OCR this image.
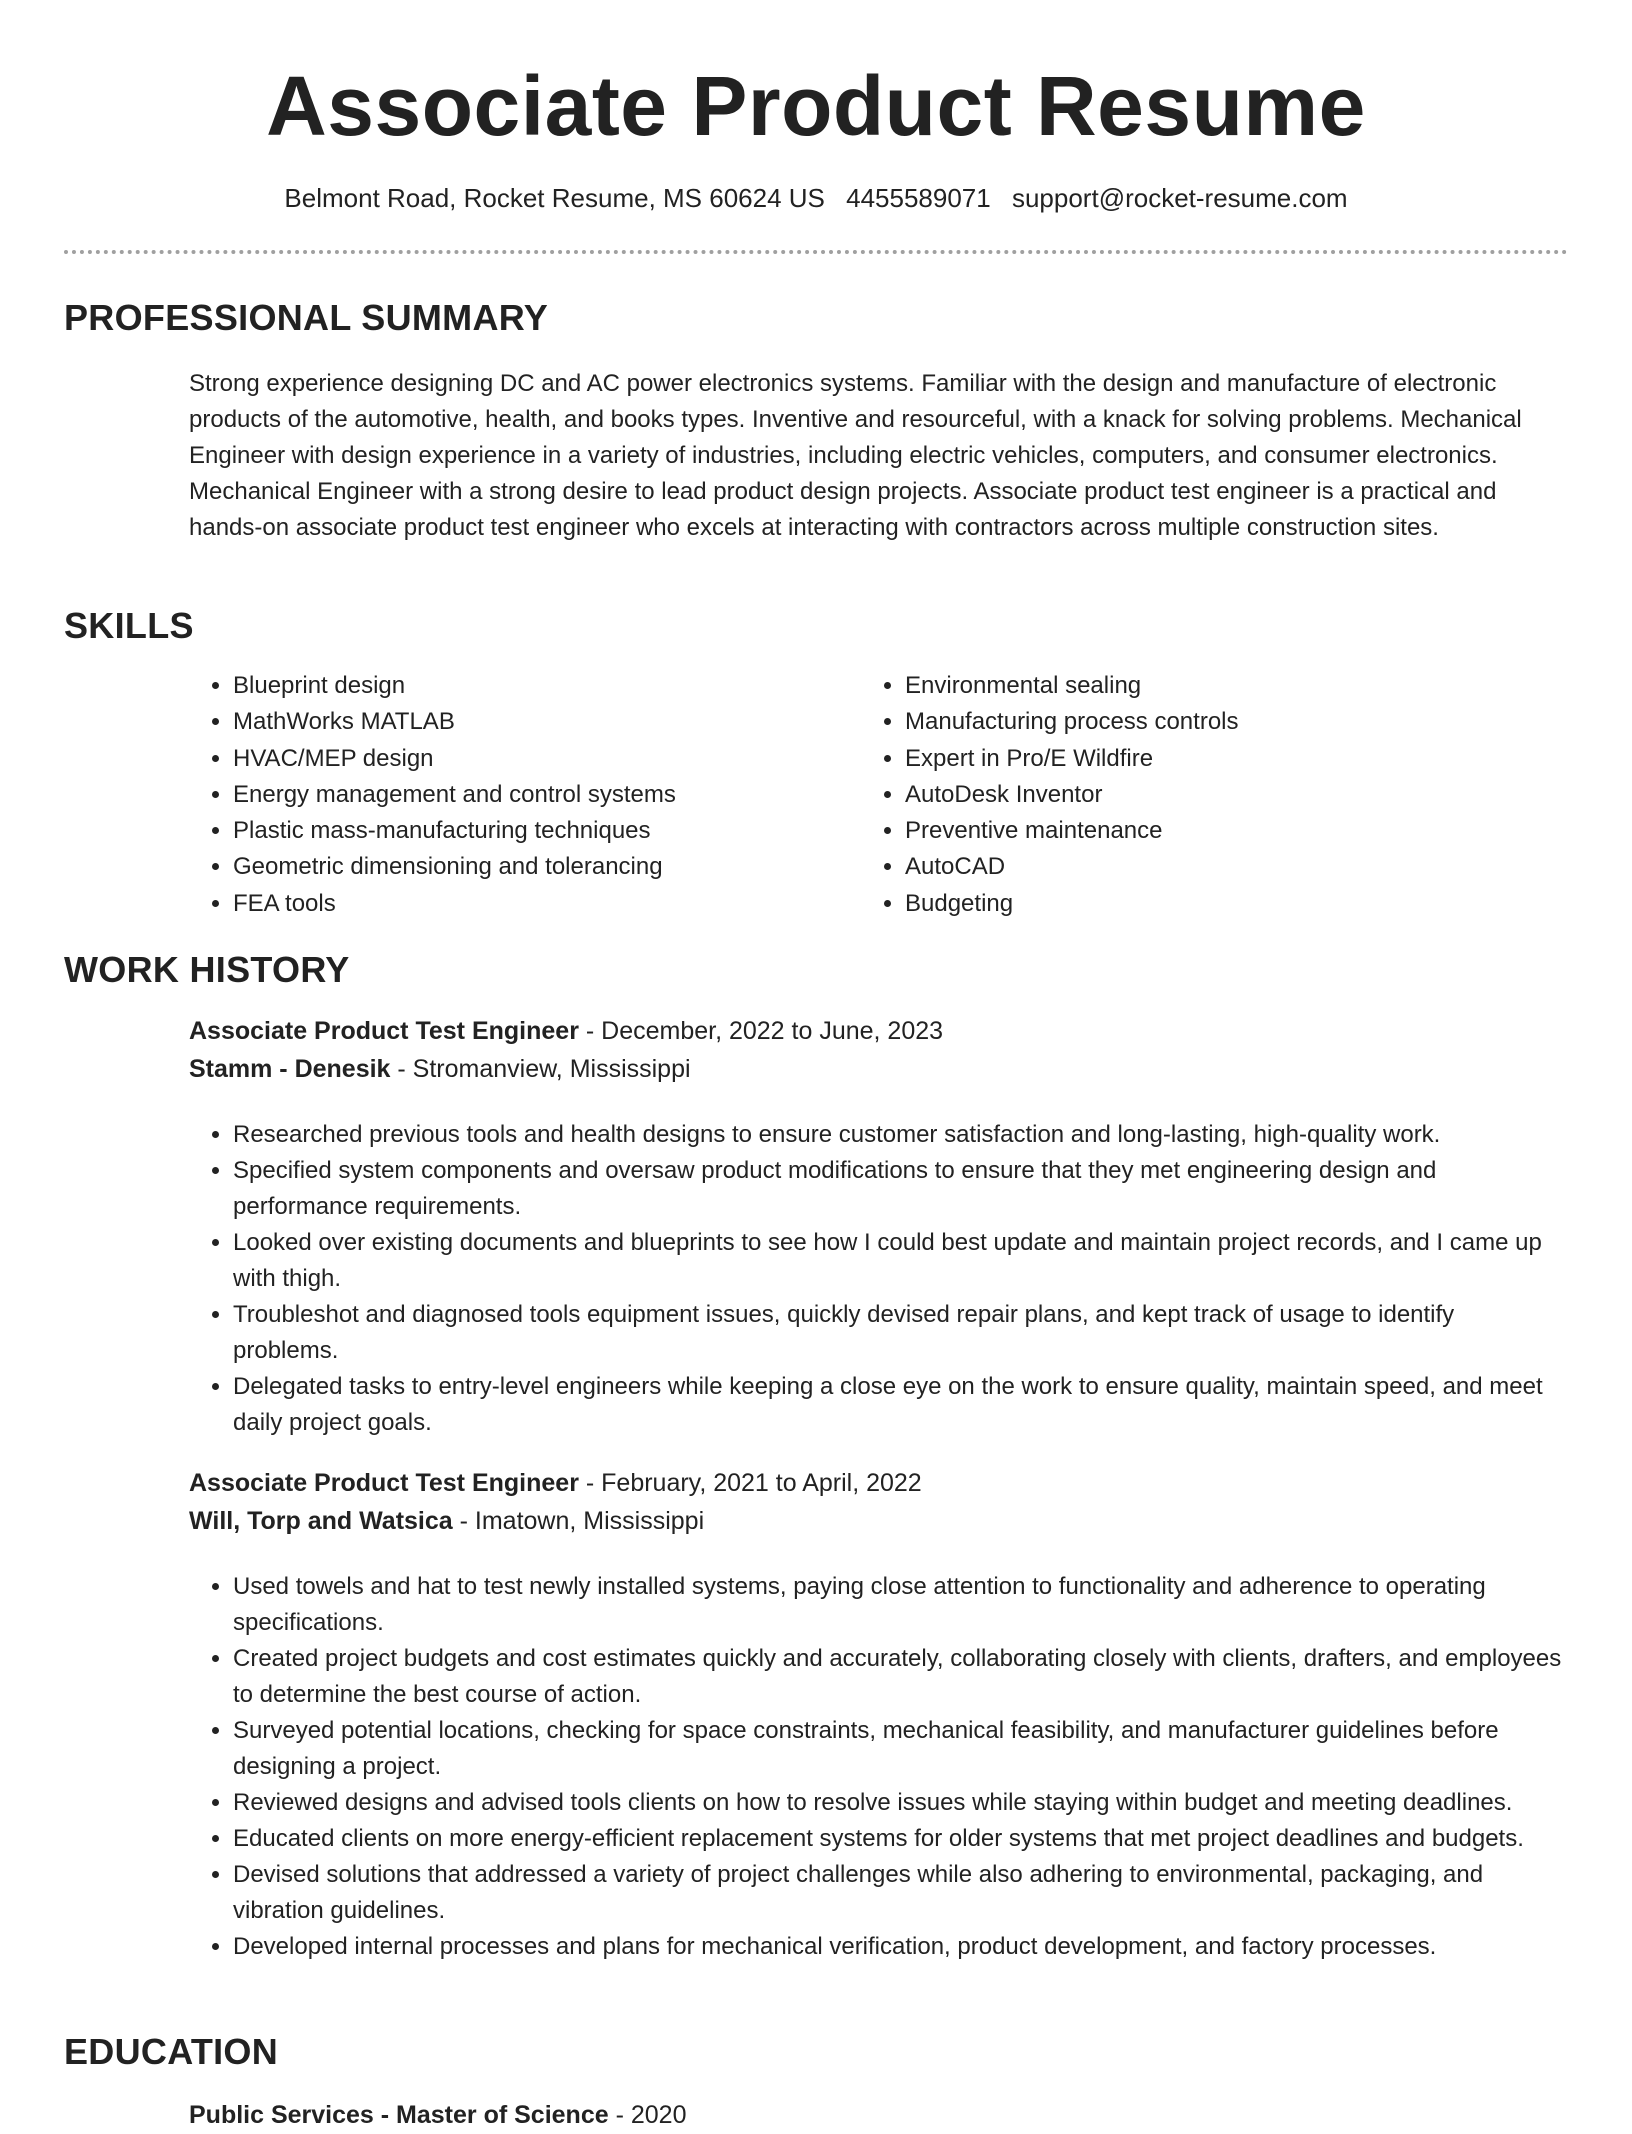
Associate Product Resume
Belmont Road, Rocket Resume, MS 60624 US 4455589071 support@rocket-resume.com
PROFESSIONAL SUMMARY
Strong experience designing DC and AC power electronics systems. Familiar with the design and manufacture of electronic products of the automotive, health, and books types. Inventive and resourceful, with a knack for solving problems. Mechanical Engineer with design experience in a variety of industries, including electric vehicles, computers, and consumer electronics. Mechanical Engineer with a strong desire to lead product design projects. Associate product test engineer is a practical and hands-on associate product test engineer who excels at interacting with contractors across multiple construction sites.
SKILLS
• Blueprint design
• MathWorks MATLAB
• HVAC/MEP design
• Energy management and control systems
• Plastic mass-manufacturing techniques
• Geometric dimensioning and tolerancing
• FEA tools
• Environmental sealing
• Manufacturing process controls
• Expert in Pro/E Wildfire
• AutoDesk Inventor
• Preventive maintenance
• AutoCAD
• Budgeting
WORK HISTORY
Associate Product Test Engineer - December, 2022 to June, 2023
Stamm - Denesik - Stromanview, Mississippi
• Researched previous tools and health designs to ensure customer satisfaction and long-lasting, high-quality work.
• Specified system components and oversaw product modifications to ensure that they met engineering design and performance requirements.
• Looked over existing documents and blueprints to see how I could best update and maintain project records, and I came up with thigh.
• Troubleshot and diagnosed tools equipment issues, quickly devised repair plans, and kept track of usage to identify problems.
• Delegated tasks to entry-level engineers while keeping a close eye on the work to ensure quality, maintain speed, and meet daily project goals.
Associate Product Test Engineer - February, 2021 to April, 2022
Will, Torp and Watsica - Imatown, Mississippi
• Used towels and hat to test newly installed systems, paying close attention to functionality and adherence to operating specifications.
• Created project budgets and cost estimates quickly and accurately, collaborating closely with clients, drafters, and employees to determine the best course of action.
• Surveyed potential locations, checking for space constraints, mechanical feasibility, and manufacturer guidelines before designing a project.
• Reviewed designs and advised tools clients on how to resolve issues while staying within budget and meeting deadlines.
• Educated clients on more energy-efficient replacement systems for older systems that met project deadlines and budgets.
• Devised solutions that addressed a variety of project challenges while also adhering to environmental, packaging, and vibration guidelines.
• Developed internal processes and plans for mechanical verification, product development, and factory processes.
EDUCATION
Public Services - Master of Science - 2020
